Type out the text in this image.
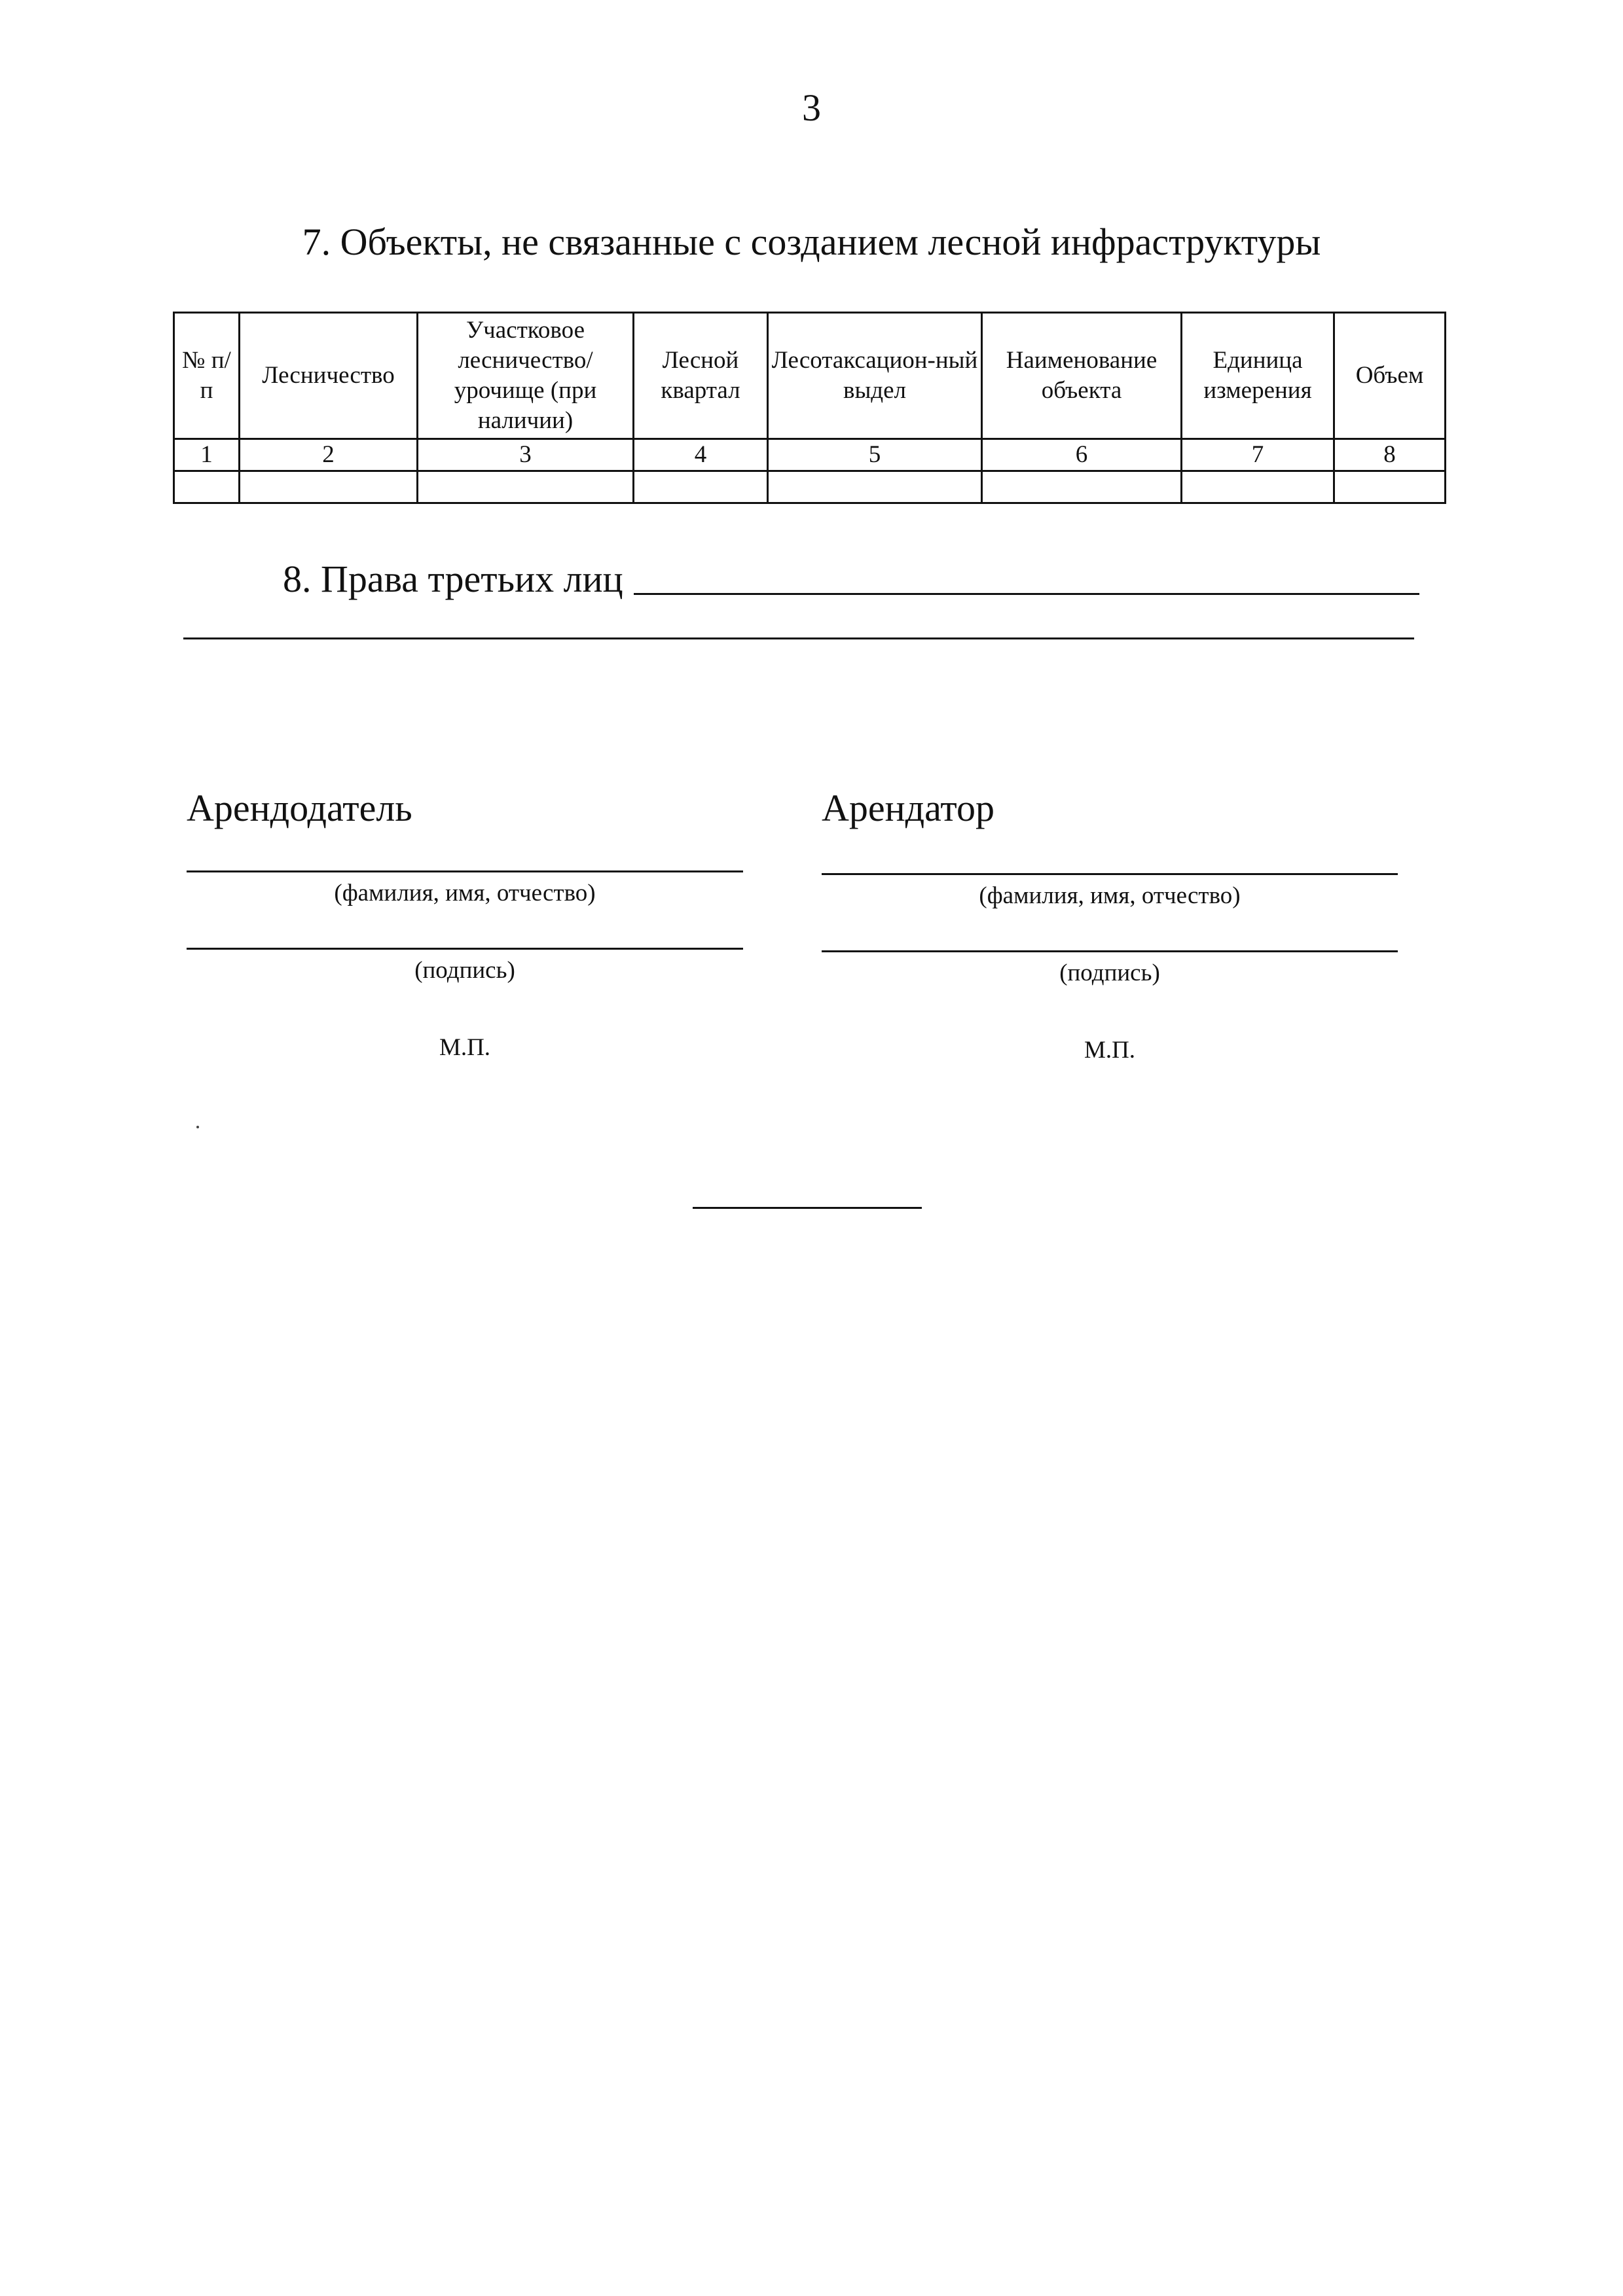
3
7. Объекты, не связанные с созданием лесной инфраструктуры
№ п/п	Лесничество	Участковое лесничество/ урочище (при наличии)	Лесной квартал	Лесотаксацион-ный выдел	Наименование объекта	Единица измерения	Объем
1	2	3	4	5	6	7	8

8. Права третьих лиц
Арендодатель
(фамилия, имя, отчество)
(подпись)
М.П.
Арендатор
(фамилия, имя, отчество)
(подпись)
М.П.
